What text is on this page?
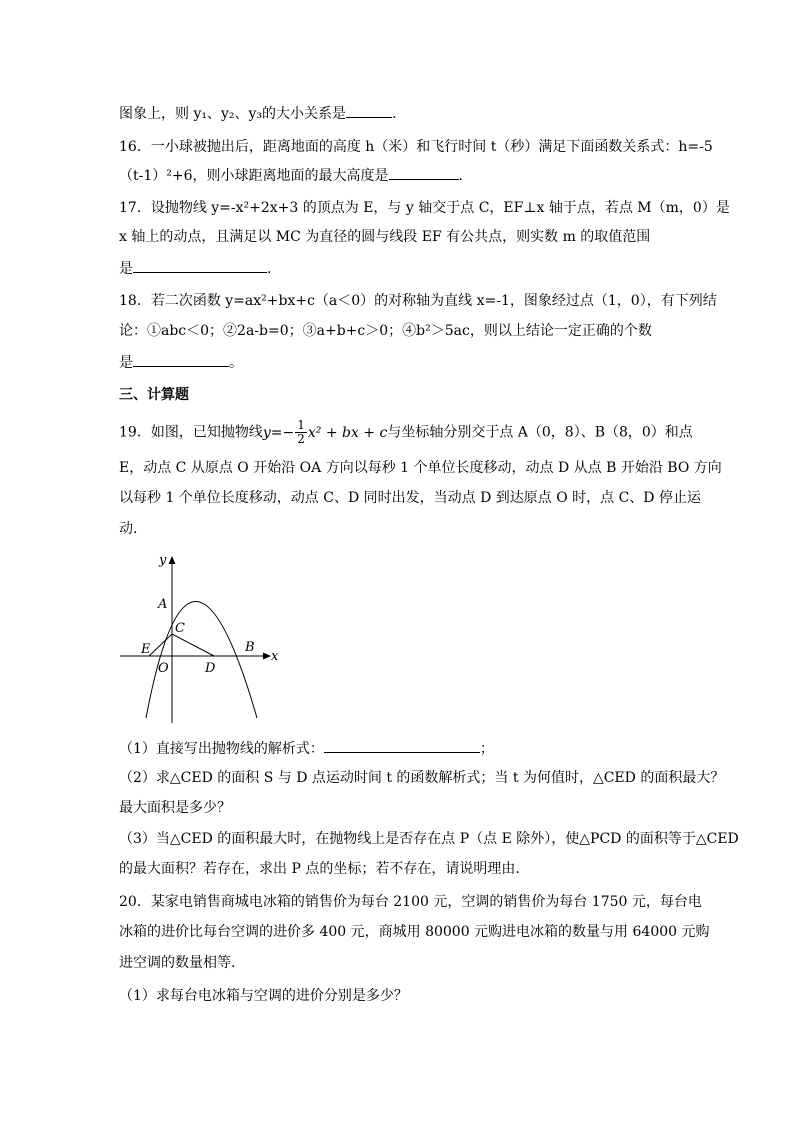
图象上，则 y₁、y₂、y₃的大小关系是	.
16．一小球被抛出后，距离地面的高度 h（米）和飞行时间 t（秒）满足下面函数关系式：h=-5
（t-1）²+6，则小球距离地面的最大高度是	.
17．设抛物线 y=-x²+2x+3 的顶点为 E，与 y 轴交于点 C，EF⊥x 轴于点，若点 M（m，0）是
x 轴上的动点，且满足以 MC 为直径的圆与线段 EF 有公共点，则实数 m 的取值范围
是	.
18．若二次函数 y=ax²+bx+c（a＜0）的对称轴为直线 x=-1，图象经过点（1，0），有下列结
论：①abc＜0；②2a-b=0；③a+b+c＞0；④b²＞5ac，则以上结论一定正确的个数
是	。
三、计算题
19．如图，已知抛物线$y=- \frac{1}{2} x^2$ + bx + c与坐标轴分别交于点 A（0，8）、B（8，0）和点
E，动点 C 从原点 O 开始沿 OA 方向以每秒 1 个单位长度移动，动点 D 从点 B 开始沿 BO 方向
以每秒 1 个单位长度移动，动点 C、D 同时出发，当动点 D 到达原点 O 时，点 C、D 停止运
动.
y
x
A
C
E	B
O	D
（1）直接写出抛物线的解析式：	；
（2）求△CED 的面积 S 与 D 点运动时间 t 的函数解析式；当 t 为何值时，△CED 的面积最大？
最大面积是多少？
（3）当△CED 的面积最大时，在抛物线上是否存在点 P（点 E 除外），使△PCD 的面积等于△CED
的最大面积？若存在，求出 P 点的坐标；若不存在，请说明理由.
20．某家电销售商城电冰箱的销售价为每台 2100 元，空调的销售价为每台 1750 元，每台电
冰箱的进价比每台空调的进价多 400 元，商城用 80000 元购进电冰箱的数量与用 64000 元购
进空调的数量相等.
（1）求每台电冰箱与空调的进价分别是多少？
